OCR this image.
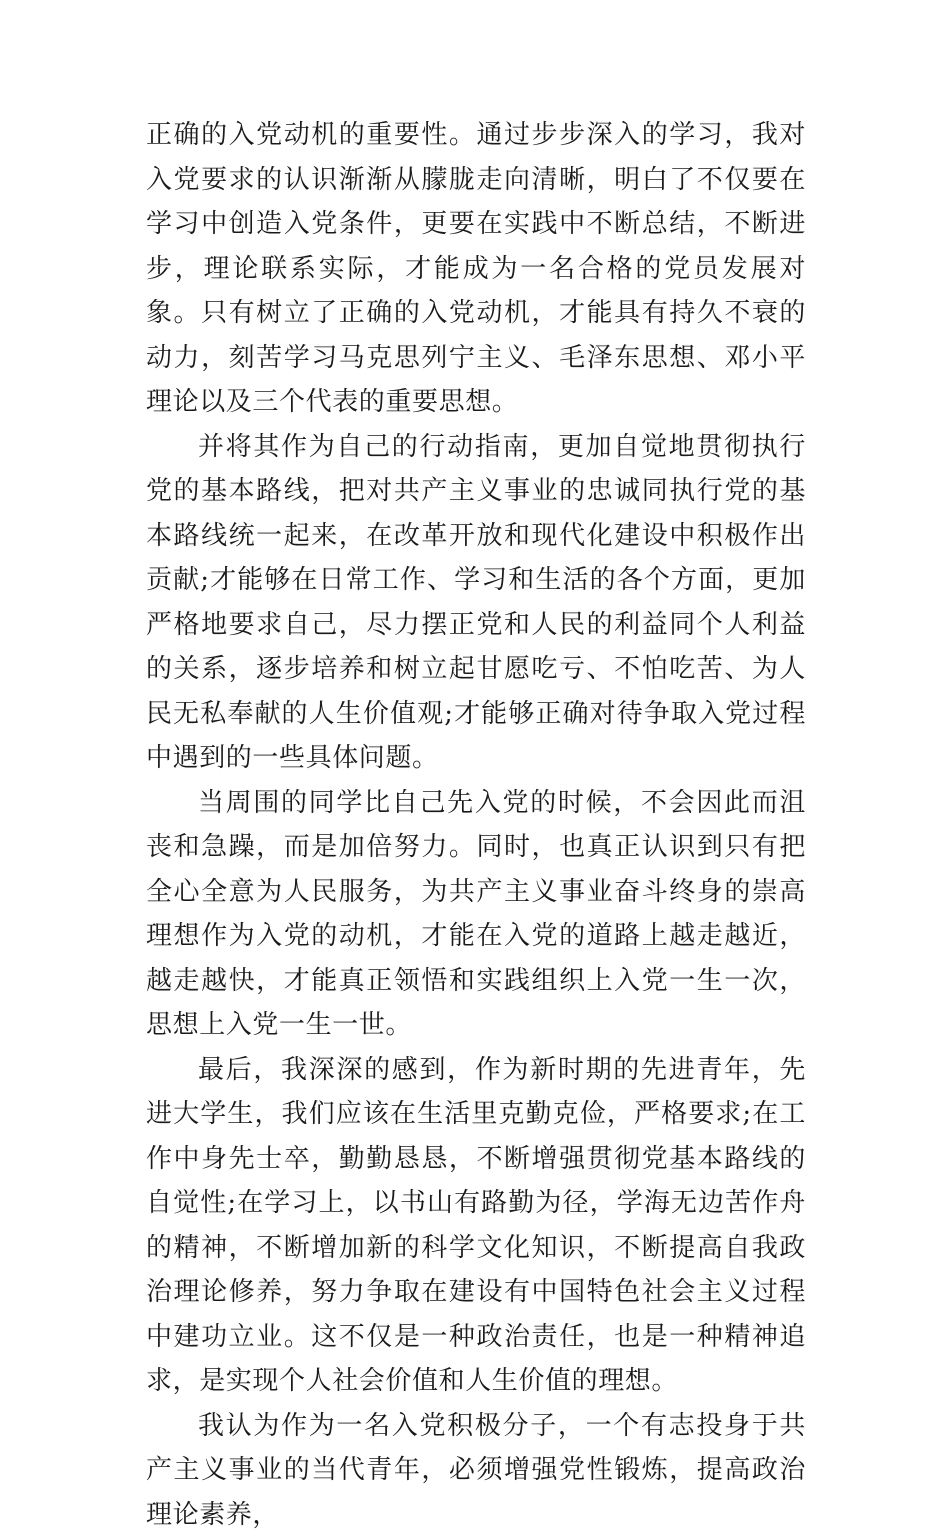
正确的入党动机的重要性。通过步步深入的学习，我对入党要求的认识渐渐从朦胧走向清晰，明白了不仅要在学习中创造入党条件，更要在实践中不断总结，不断进步，理论联系实际，才能成为一名合格的党员发展对象。只有树立了正确的入党动机，才能具有持久不衰的动力，刻苦学习马克思列宁主义、毛泽东思想、邓小平理论以及三个代表的重要思想。

并将其作为自己的行动指南，更加自觉地贯彻执行党的基本路线，把对共产主义事业的忠诚同执行党的基本路线统一起来，在改革开放和现代化建设中积极作出贡献;才能够在日常工作、学习和生活的各个方面，更加严格地要求自己，尽力摆正党和人民的利益同个人利益的关系，逐步培养和树立起甘愿吃亏、不怕吃苦、为人民无私奉献的人生价值观;才能够正确对待争取入党过程中遇到的一些具体问题。

当周围的同学比自己先入党的时候，不会因此而沮丧和急躁，而是加倍努力。同时，也真正认识到只有把全心全意为人民服务，为共产主义事业奋斗终身的崇高理想作为入党的动机，才能在入党的道路上越走越近，越走越快，才能真正领悟和实践组织上入党一生一次，思想上入党一生一世。

最后，我深深的感到，作为新时期的先进青年，先进大学生，我们应该在生活里克勤克俭，严格要求;在工作中身先士卒，勤勤恳恳，不断增强贯彻党基本路线的自觉性;在学习上，以书山有路勤为径，学海无边苦作舟的精神，不断增加新的科学文化知识，不断提高自我政治理论修养，努力争取在建设有中国特色社会主义过程中建功立业。这不仅是一种政治责任，也是一种精神追求，是实现个人社会价值和人生价值的理想。

我认为作为一名入党积极分子，一个有志投身于共产主义事业的当代青年，必须增强党性锻炼，提高政治理论素养，
